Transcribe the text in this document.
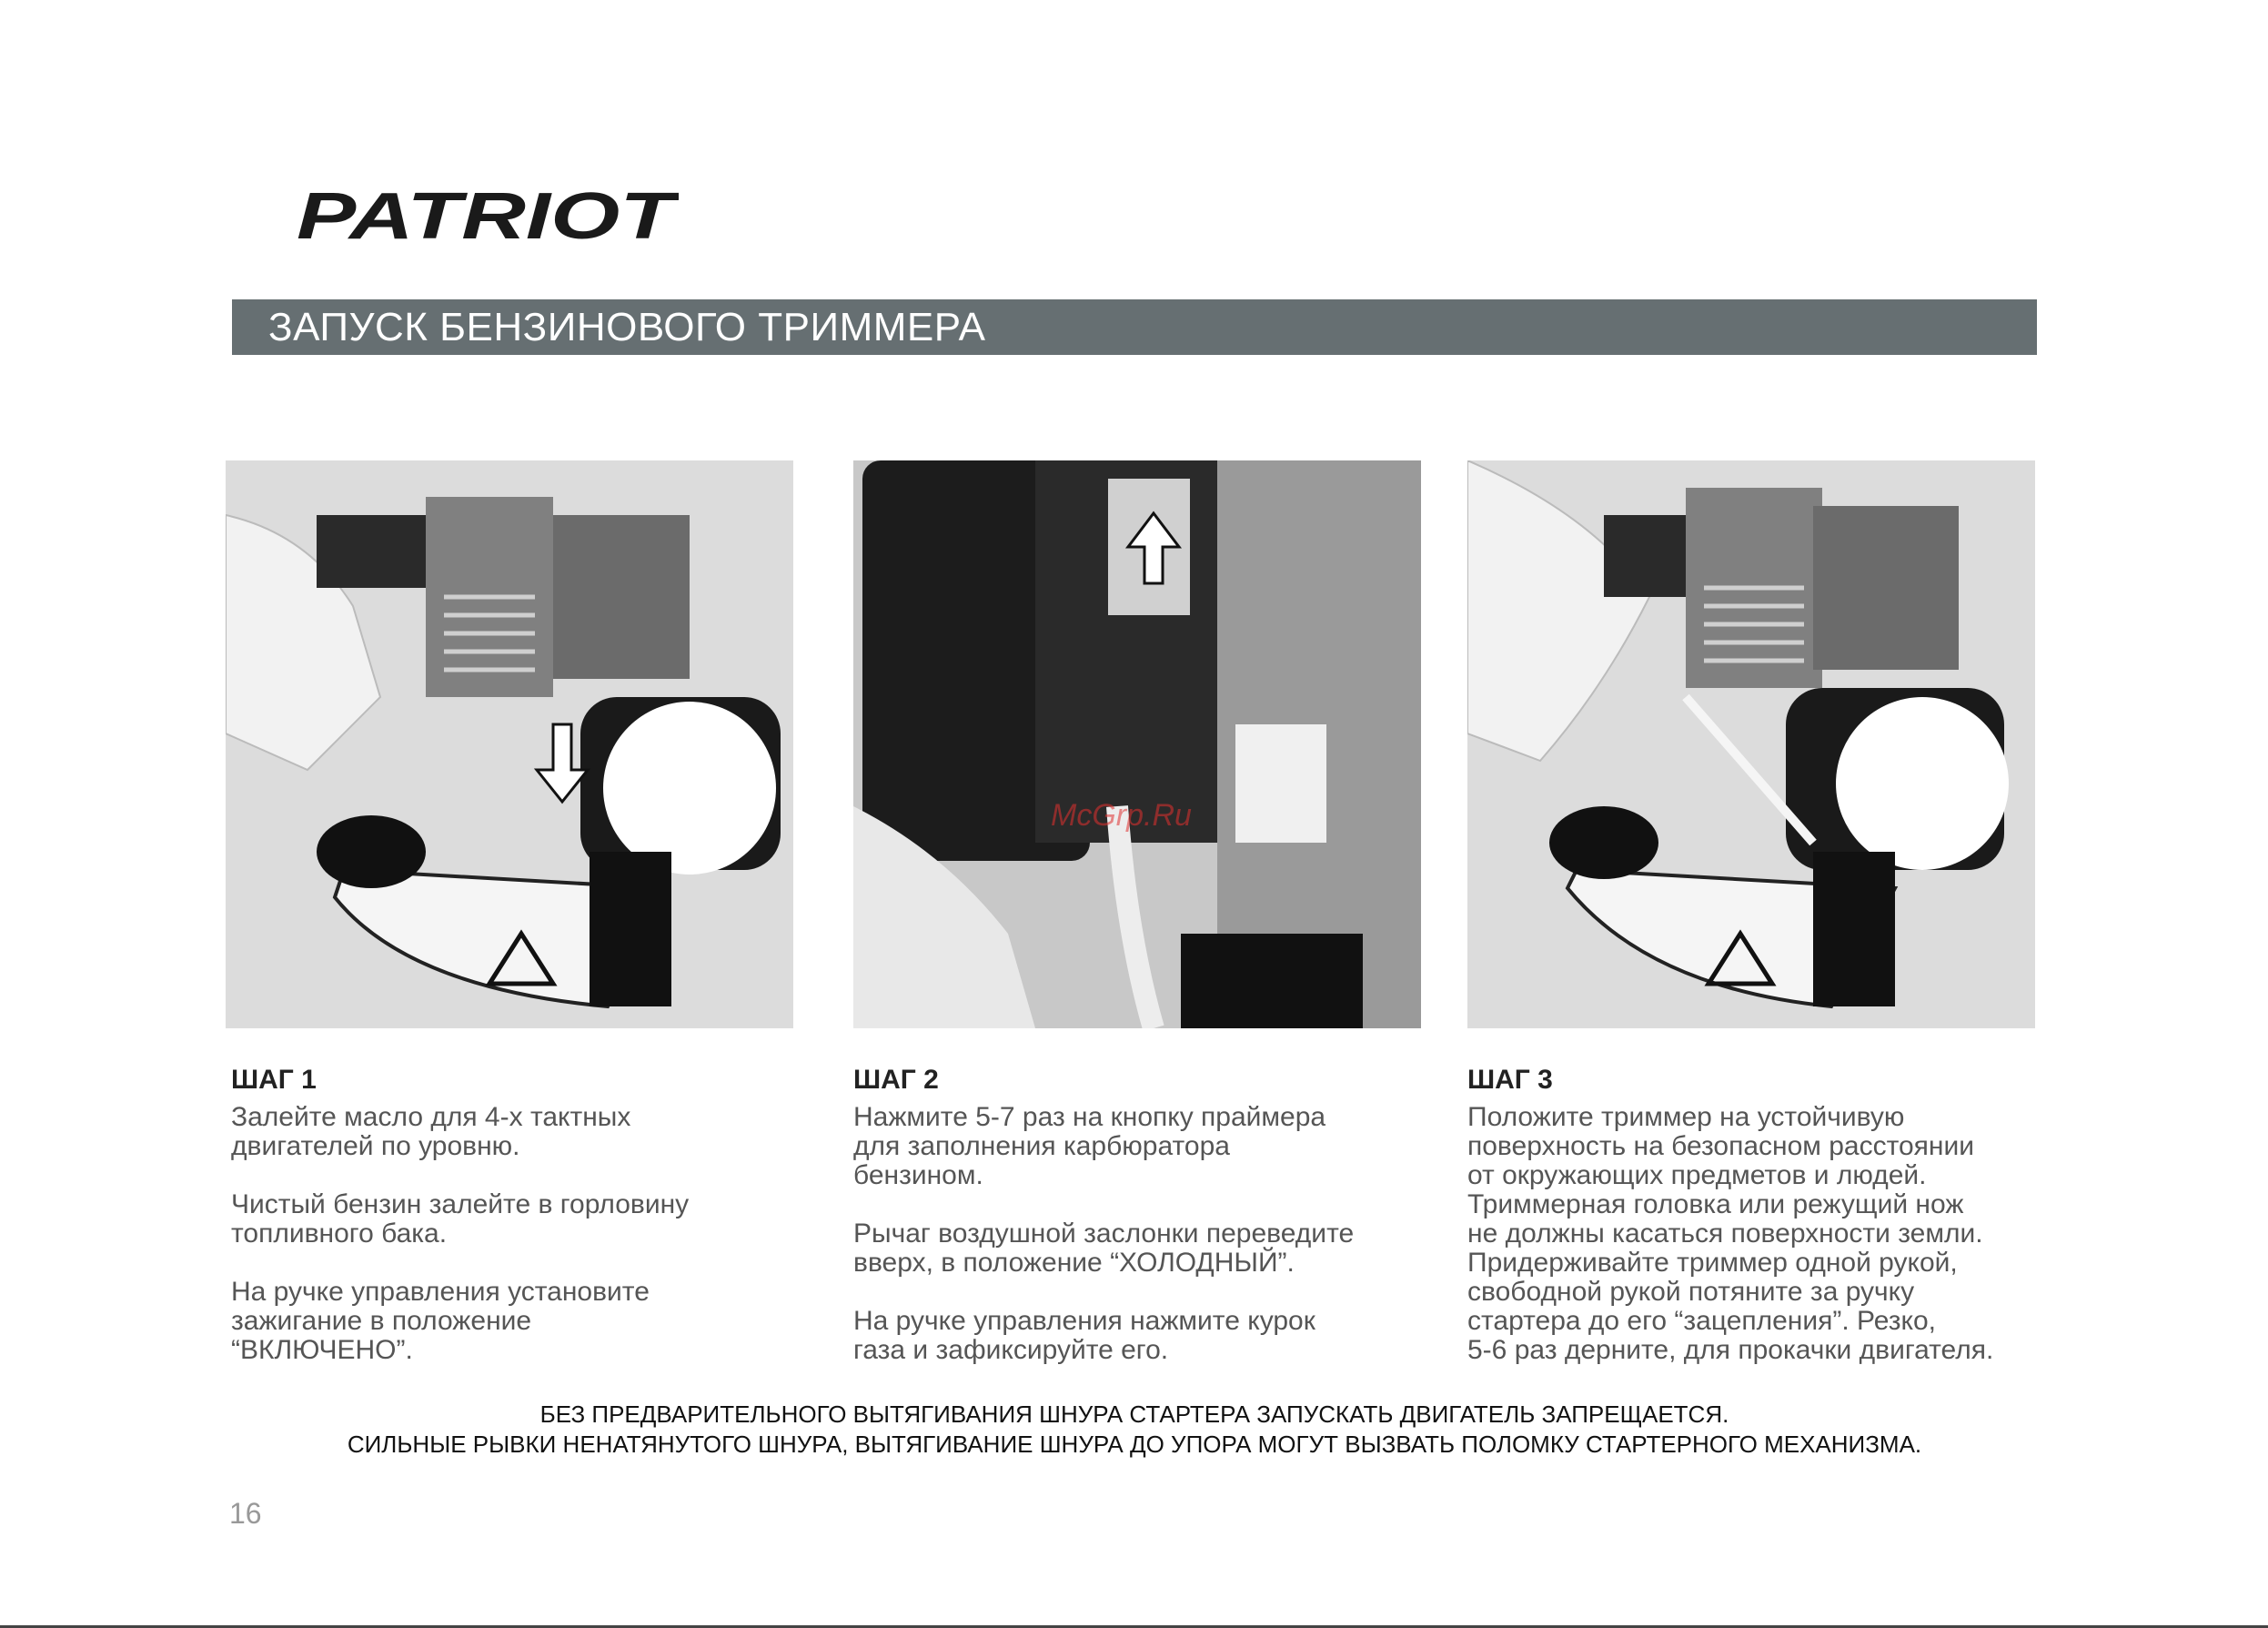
PATRIOT
ЗАПУСК БЕНЗИНОВОГО ТРИММЕРА
McGrp.Ru
ШАГ 1

Залейте масло для 4-х тактных
двигателей по уровню.

Чистый бензин залейте в горловину
топливного бака.

На ручке управления установите
зажигание в положение
“ВКЛЮЧЕНО”.

ШАГ 2

Нажмите 5-7 раз на кнопку праймера
для заполнения карбюратора
бензином.

Рычаг воздушной заслонки переведите
вверх, в положение “ХОЛОДНЫЙ”.

На ручке управления нажмите курок
газа и зафиксируйте его.

ШАГ 3

Положите триммер на устойчивую
поверхность на безопасном расстоянии
от окружающих предметов и людей.
Триммерная головка или режущий нож
не должны касаться поверхности земли.
Придерживайте триммер одной рукой,
свободной рукой потяните за ручку
стартера до его “зацепления”. Резко,
5-6 раз дерните, для прокачки двигателя.

БЕЗ ПРЕДВАРИТЕЛЬНОГО ВЫТЯГИВАНИЯ ШНУРА СТАРТЕРА ЗАПУСКАТЬ ДВИГАТЕЛЬ ЗАПРЕЩАЕТСЯ.
СИЛЬНЫЕ РЫВКИ НЕНАТЯНУТОГО ШНУРА, ВЫТЯГИВАНИЕ ШНУРА ДО УПОРА МОГУТ ВЫЗВАТЬ ПОЛОМКУ СТАРТЕРНОГО МЕХАНИЗМА.
16
